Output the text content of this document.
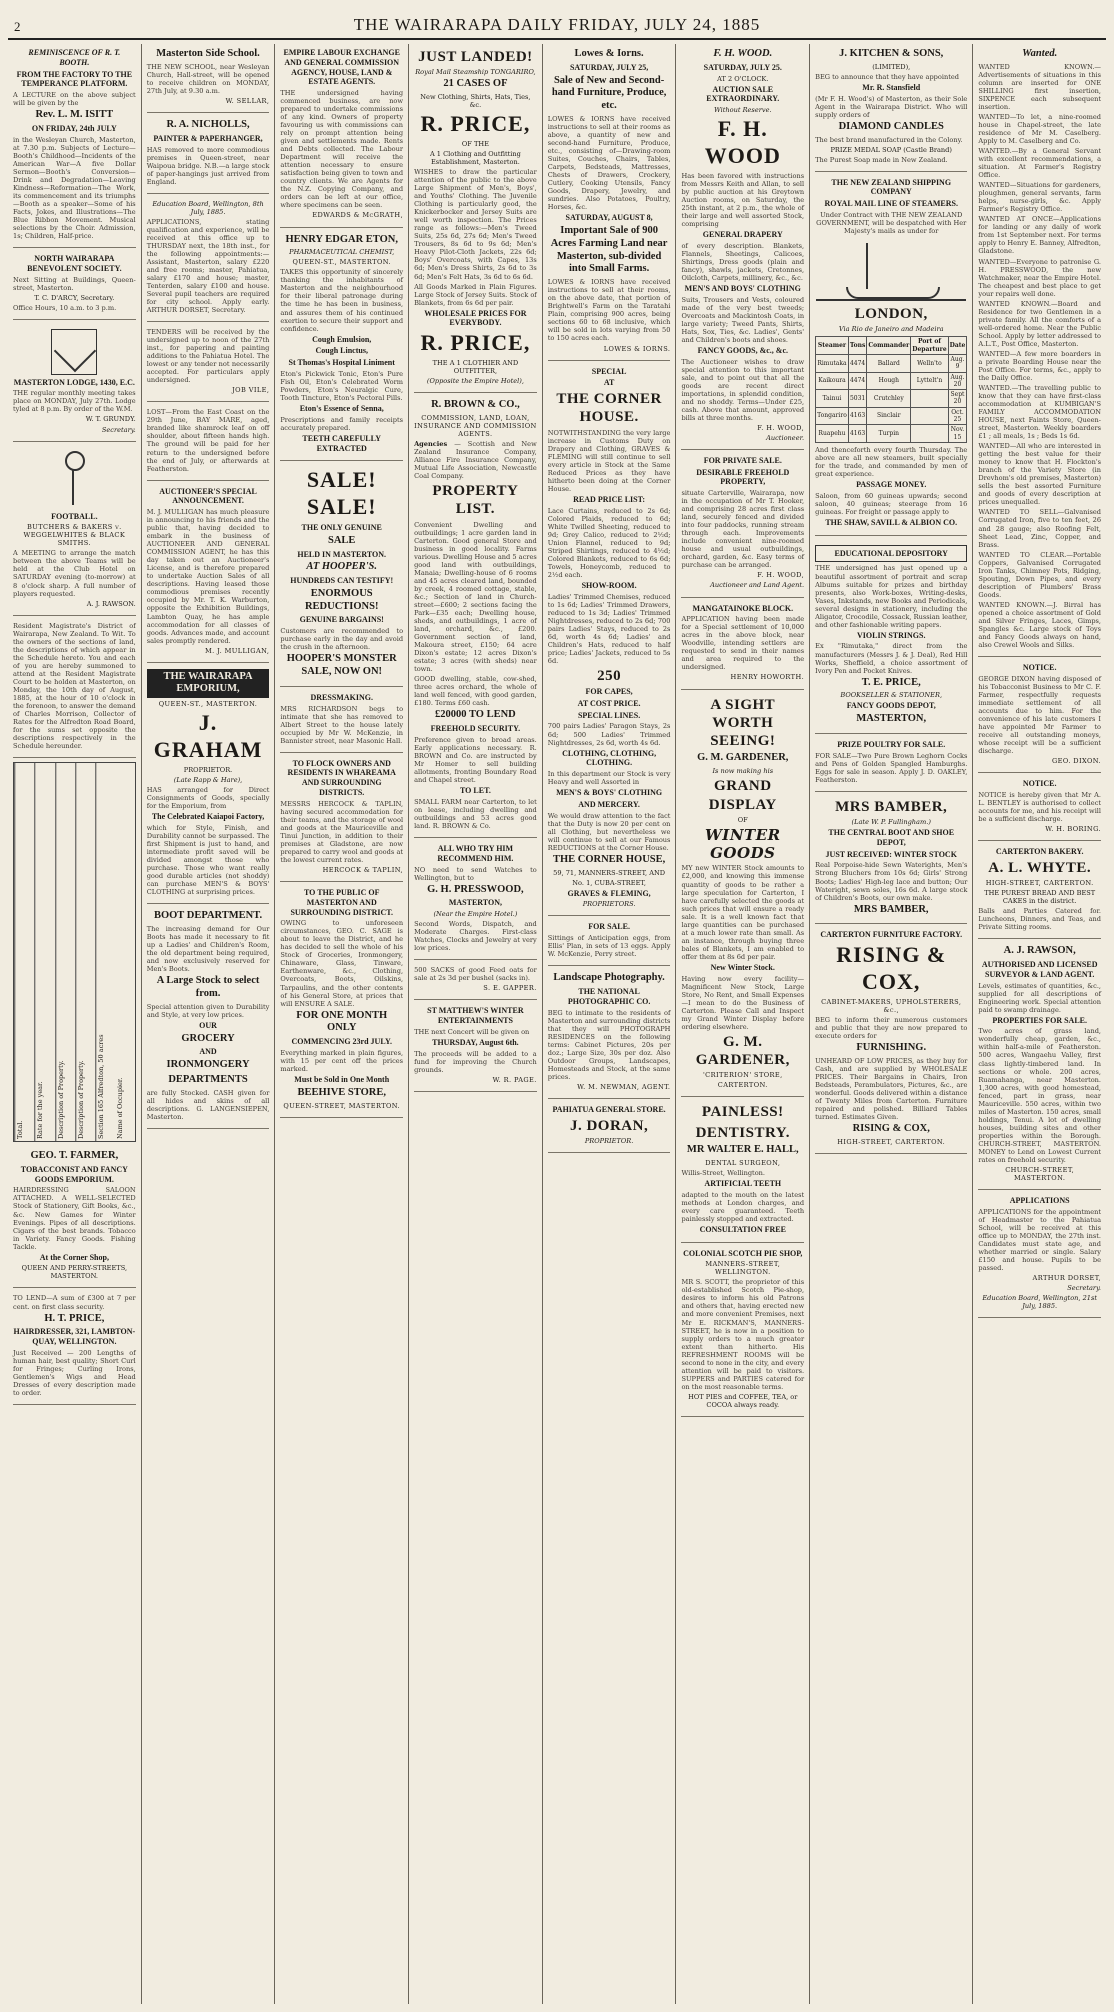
2	THE WAIRARAPA DAILY FRIDAY, JULY 24, 1885

REMINISCENCE OF R. T. BOOTH.

FROM THE FACTORY TO THE TEMPERANCE PLATFORM.

A LECTURE on the above subject will be given by the

Rev. L. M. ISITT

ON FRIDAY, 24th JULY

in the Wesleyan Church, Masterton, at 7.30 p.m. Subjects of Lecture—Booth's Childhood—Incidents of the American War—A five Dollar Sermon—Booth's Conversion—Drink and Degradation—Leaving Kindness—Reformation—The Work, its commencement and its triumphs—Booth as a speaker—Some of his Facts, Jokes, and Illustrations—The Blue Ribbon Movement. Musical selections by the Choir. Admission, 1s; Children, Half-price.

NORTH WAIRARAPA BENEVOLENT SOCIETY.

Next Sitting at Buildings, Queen-street, Masterton.

T. C. D'ARCY, Secretary.

Office Hours, 10 a.m. to 3 p.m.

MASTERTON LODGE, 1430, E.C.

THE regular monthly meeting takes place on MONDAY, July 27th. Lodge tyled at 8 p.m. By order of the W.M.

W. T. GRUNDY.

Secretary.

FOOTBALL.

BUTCHERS & BAKERS v. WEGGELWHITES & BLACK SMITHS.

A MEETING to arrange the match between the above Teams will be held at the Club Hotel on SATURDAY evening (to-morrow) at 8 o'clock sharp. A full number of players requested.

A. J. RAWSON.

Resident Magistrate's District of Wairarapa, New Zealand. To Wit. To the owners of the sections of land, the descriptions of which appear in the Schedule hereto. You and each of you are hereby summoned to attend at the Resident Magistrate Court to be holden at Masterton, on Monday, the 10th day of August, 1885, at the hour of 10 o'clock in the forenoon, to answer the demand of Charles Morrison, Collector of Rates for the Alfredton Road Board, for the sums set opposite the descriptions respectively in the Schedule hereunder.

Total.	Rate for the year.	Description of Property.	Description of Property.	Section 165 Alfredton, 50 acres	Name of Occupier.

GEO. T. FARMER,

TOBACCONIST AND FANCY GOODS EMPORIUM.

HAIRDRESSING SALOON ATTACHED. A WELL-SELECTED Stock of Stationery, Gift Books, &c., &c. New Games for Winter Evenings. Pipes of all descriptions. Cigars of the best brands. Tobacco in Variety. Fancy Goods. Fishing Tackle.

At the Corner Shop,

QUEEN AND PERRY-STREETS, MASTERTON.

TO LEND—A sum of £300 at 7 per cent. on first class security.

H. T. PRICE,

HAIRDRESSER, 321, LAMBTON-QUAY, WELLINGTON.

Just Received — 200 Lengths of human hair, best quality; Short Curl for Fringes; Curling Irons, Gentlemen's Wigs and Head Dresses of every description made to order.

Masterton Side School.

THE NEW SCHOOL, near Wesleyan Church, Hall-street, will be opened to receive children on MONDAY, 27th July, at 9.30 a.m.

W. SELLAR,

R. A. NICHOLLS,

PAINTER & PAPERHANGER,

HAS removed to more commodious premises in Queen-street, near Waipoua bridge. N.B.—a large stock of paper-hangings just arrived from England.

Education Board, Wellington, 8th July, 1885.

APPLICATIONS, stating qualification and experience, will be received at this office up to THURSDAY next, the 18th inst., for the following appointments:—Assistant, Masterton, salary £220 and free rooms; master, Pahiatua, salary £170 and house; master, Tenterden, salary £100 and house. Several pupil teachers are required for city school. Apply early. ARTHUR DORSET, Secretary.

TENDERS will be received by the undersigned up to noon of the 27th inst., for papering and painting additions to the Pahiatua Hotel. The lowest or any tender not necessarily accepted. For particulars apply undersigned.

JOB VILE,

LOST—From the East Coast on the 29th June, BAY MARE, aged, branded like shamrock leaf on off shoulder, about fifteen hands high. The ground will be paid for her return to the undersigned before the end of July, or afterwards at Featherston.

AUCTIONEER'S SPECIAL ANNOUNCEMENT.

M. J. MULLIGAN has much pleasure in announcing to his friends and the public that, having decided to embark in the business of AUCTIONEER AND GENERAL COMMISSION AGENT, he has this day taken out an Auctioneer's License, and is therefore prepared to undertake Auction Sales of all descriptions. Having leased those commodious premises recently occupied by Mr. T. K. Warburton, opposite the Exhibition Buildings, Lambton Quay, he has ample accommodation for all classes of goods. Advances made, and account sales promptly rendered.

M. J. MULLIGAN,

THE WAIRARAPA EMPORIUM,

QUEEN-ST., MASTERTON.

J. GRAHAM

PROPRIETOR.

(Late Rapp & Hare),

HAS arranged for Direct Consignments of Goods, specially for the Emporium, from

The Celebrated Kaiapoi Factory,

which for Style, Finish, and Durability cannot be surpassed. The first Shipment is just to hand, and intermediate profit saved will be divided amongst those who purchase. Those who want really good durable articles (not shoddy) can purchase MEN'S & BOYS' CLOTHING at surprising prices.

BOOT DEPARTMENT.

The increasing demand for Our Boots has made it necessary to fit up a Ladies' and Children's Room, the old department being required, and now exclusively reserved for Men's Boots.

A Large Stock to select from.

Special attention given to Durability and Style, at very low prices.

OUR

GROCERY

AND

IRONMONGERY

DEPARTMENTS

are fully Stocked. CASH given for all hides and skins of all descriptions. G. LANGENSIEPEN, Masterton.

EMPIRE LABOUR EXCHANGE AND GENERAL COMMISSION AGENCY, HOUSE, LAND & ESTATE AGENTS.

THE undersigned having commenced business, are now prepared to undertake commissions of any kind. Owners of property favouring us with commissions can rely on prompt attention being given and settlements made. Rents and Debts collected. The Labour Department will receive the attention necessary to ensure satisfaction being given to town and country clients. We are Agents for the N.Z. Copying Company, and orders can be left at our office, where specimens can be seen.

EDWARDS & McGRATH,

HENRY EDGAR ETON,

PHARMACEUTICAL CHEMIST,

QUEEN-ST., MASTERTON.

TAKES this opportunity of sincerely thanking the inhabitants of Masterton and the neighbourhood for their liberal patronage during the time he has been in business, and assures them of his continued exertion to secure their support and confidence.

Cough Emulsion,

Cough Linctus,

St Thomas's Hospital Liniment

Eton's Pickwick Tonic, Eton's Pure Fish Oil, Eton's Celebrated Worm Powders, Eton's Neuralgic Cure, Tooth Tincture, Eton's Pectoral Pills.

Eton's Essence of Senna,

Prescriptions and family receipts accurately prepared.

TEETH CAREFULLY EXTRACTED

SALE! SALE!

THE ONLY GENUINE

SALE

HELD IN MASTERTON.

AT HOOPER'S.

HUNDREDS CAN TESTIFY!

ENORMOUS REDUCTIONS!

GENUINE BARGAINS!

Customers are recommended to purchase early in the day and avoid the crush in the afternoon.

HOOPER'S MONSTER SALE, NOW ON!

DRESSMAKING.

MRS RICHARDSON begs to intimate that she has removed to Albert Street to the house lately occupied by Mr W. McKenzie, in Bannister street, near Masonic Hall.

TO FLOCK OWNERS AND RESIDENTS IN WHAREAMA AND SURROUNDING DISTRICTS.

MESSRS HERCOCK & TAPLIN, having secured accommodation for their teams, and the storage of wool and goods at the Mauriceville and Tinui Junction, in addition to their premises at Gladstone, are now prepared to carry wool and goods at the lowest current rates.

HERCOCK & TAPLIN,

TO THE PUBLIC OF MASTERTON AND SURROUNDING DISTRICT.

OWING to unforeseen circumstances, GEO. C. SAGE is about to leave the District, and he has decided to sell the whole of his Stock of Groceries, Ironmongery, Chinaware, Glass, Tinware, Earthenware, &c., Clothing, Overcoats, Boots, Oilskins, Tarpaulins, and the other contents of his General Store, at prices that will ENSURE A SALE.

FOR ONE MONTH ONLY

COMMENCING 23rd JULY.

Everything marked in plain figures, with 15 per cent off the prices marked.

Must be Sold in One Month

BEEHIVE STORE,

QUEEN-STREET, MASTERTON.

JUST LANDED!

Royal Mail Steamship TONGARIRO,

21 CASES OF

New Clothing, Shirts, Hats, Ties, &c.

R. PRICE,

OF THE

A 1 Clothing and Outfitting Establishment, Masterton.

WISHES to draw the particular attention of the public to the above Large Shipment of Men's, Boys', and Youths' Clothing. The Juvenile Clothing is particularly good, the Knickerbocker and Jersey Suits are well worth inspection. The Prices range as follows:—Men's Tweed Suits, 25s 6d, 27s 6d; Men's Tweed Trousers, 8s 6d to 9s 6d; Men's Heavy Pilot-Cloth Jackets, 22s 6d; Boys' Overcoats, with Capes, 13s 6d; Men's Dress Shirts, 2s 6d to 3s 6d; Men's Felt Hats, 3s 6d to 6s 6d.

All Goods Marked in Plain Figures. Large Stock of Jersey Suits. Stock of Blankets, from 6s 6d per pair.

WHOLESALE PRICES FOR EVERYBODY.

R. PRICE,

THE A 1 CLOTHIER AND OUTFITTER,

(Opposite the Empire Hotel),

R. BROWN & CO.,

COMMISSION, LAND, LOAN, INSURANCE AND COMMISSION AGENTS.

Agencies — Scottish and New Zealand Insurance Company, Alliance Fire Insurance Company, Mutual Life Association, Newcastle Coal Company.

PROPERTY LIST.

Convenient Dwelling and outbuildings; 1 acre garden land in Carterton. Good general Store and business in good locality. Farms various. Dwelling House and 5 acres good land with outbuildings, Manaia; Dwelling-house of 6 rooms and 45 acres cleared land, bounded by creek, 4 roomed cottage, stable, &c.; Section of land in Church-street—£600; 2 sections facing the Park—£35 each; Dwelling house, sheds, and outbuildings, 1 acre of land, orchard, &c., £200. Government section of land, Makoura street, £150; 64 acre Dixon's estate; 12 acres Dixon's estate; 3 acres (with sheds) near town.

GOOD dwelling, stable, cow-shed, three acres orchard, the whole of land well fenced, with good garden, £180. Terms £60 cash.

£20000 TO LEND

FREEHOLD SECURITY.

Preference given to broad areas. Early applications necessary. R. BROWN and Co. are instructed by Mr Homer to sell building allotments, fronting Boundary Road and Chapel street.

TO LET.

SMALL FARM near Carterton, to let on lease, including dwelling and outbuildings and 53 acres good land. R. BROWN & Co.

ALL WHO TRY HIM RECOMMEND HIM.

NO need to send Watches to Wellington, but to

G. H. PRESSWOOD,

MASTERTON,

(Near the Empire Hotel.)

Second Words, Dispatch, and Moderate Charges. First-class Watches, Clocks and Jewelry at very low prices.

500 SACKS of good Feed oats for sale at 2s 3d per bushel (sacks in).

S. E. GAPPER.

ST MATTHEW'S WINTER ENTERTAINMENTS

THE next Concert will be given on

THURSDAY, August 6th.

The proceeds will be added to a fund for improving the Church grounds.

W. R. PAGE.

Lowes & Iorns.

SATURDAY, JULY 25,

Sale of New and Second-hand Furniture, Produce, etc.

LOWES & IORNS have received instructions to sell at their rooms as above, a quantity of new and second-hand Furniture, Produce, etc., consisting of—Drawing-room Suites, Couches, Chairs, Tables, Carpets, Bedsteads, Mattresses, Chests of Drawers, Crockery, Cutlery, Cooking Utensils, Fancy Goods, Drapery, Jewelry, and sundries. Also Potatoes, Poultry, Horses, &c.

SATURDAY, AUGUST 8,

Important Sale of 900 Acres Farming Land near Masterton, sub-divided into Small Farms.

LOWES & IORNS have received instructions to sell at their rooms, on the above date, that portion of Brightwell's Farm on the Taratahi Plain, comprising 900 acres, being sections 60 to 68 inclusive, which will be sold in lots varying from 50 to 150 acres each.

LOWES & IORNS.

SPECIAL

AT

THE CORNER HOUSE.

NOTWITHSTANDING the very large increase in Customs Duty on Drapery and Clothing, GRAVES & FLEMING will still continue to sell every article in Stock at the Same Reduced Prices as they have hitherto been doing at the Corner House.

READ PRICE LIST:

Lace Curtains, reduced to 2s 6d; Colored Plaids, reduced to 6d; White Twilled Sheeting, reduced to 9d; Grey Calico, reduced to 2½d; Union Flannel, reduced to 9d; Striped Shirtings, reduced to 4½d; Colored Blankets, reduced to 6s 6d; Towels, Honeycomb, reduced to 2½d each.

SHOW-ROOM.

Ladies' Trimmed Chemises, reduced to 1s 6d; Ladies' Trimmed Drawers, reduced to 1s 3d; Ladies' Trimmed Nightdresses, reduced to 2s 6d; 700 pairs Ladies' Stays, reduced to 2s 6d, worth 4s 6d; Ladies' and Children's Hats, reduced to half price; Ladies' Jackets, reduced to 5s 6d.

250

FOR CAPES,

AT COST PRICE.

SPECIAL LINES.

700 pairs Ladies' Paragon Stays, 2s 6d; 500 Ladies' Trimmed Nightdresses, 2s 6d, worth 4s 6d.

CLOTHING, CLOTHING, CLOTHING.

In this department our Stock is very Heavy and well Assorted in

MEN'S & BOYS' CLOTHING

AND MERCERY.

We would draw attention to the fact that the Duty is now 20 per cent on all Clothing, but nevertheless we will continue to sell at our Famous REDUCTIONS at the Corner House.

THE CORNER HOUSE,

59, 71, MANNERS-STREET, AND

No. 1, CUBA-STREET,

GRAVES & FLEMING,

PROPRIETORS.

FOR SALE.

Sittings of Anticipation eggs, from Ellis' Plan, in sets of 13 eggs. Apply W. McKenzie, Perry street.

Landscape Photography.

THE NATIONAL PHOTOGRAPHIC CO.

BEG to intimate to the residents of Masterton and surrounding districts that they will PHOTOGRAPH RESIDENCES on the following terms: Cabinet Pictures, 20s per doz.; Large Size, 30s per doz. Also Outdoor Groups, Landscapes, Homesteads and Stock, at the same prices.

W. M. NEWMAN, AGENT.

PAHIATUA GENERAL STORE.

J. DORAN,

PROPRIETOR.

F. H. WOOD.

SATURDAY, JULY 25.

AT 2 O'CLOCK.

AUCTION SALE EXTRAORDINARY.

Without Reserve.

F. H. WOOD

Has been favored with instructions from Messrs Keith and Allan, to sell by public auction at his Greytown Auction rooms, on Saturday, the 25th instant, at 2 p.m., the whole of their large and well assorted Stock, comprising

GENERAL DRAPERY

of every description. Blankets, Flannels, Sheetings, Calicoes, Shirtings, Dress goods (plain and fancy), shawls, jackets, Cretonnes, Oilcloth, Carpets, millinery, &c., &c.

MEN'S AND BOYS' CLOTHING

Suits, Trousers and Vests, coloured made of the very best tweeds; Overcoats and Mackintosh Coats, in large variety; Tweed Pants, Shirts, Hats, Sox, Ties, &c. Ladies', Gents' and Children's boots and shoes.

FANCY GOODS, &c., &c.

The Auctioneer wishes to draw special attention to this important sale, and to point out that all the goods are recent direct importations, in splendid condition, and no shoddy. Terms—Under £25, cash. Above that amount, approved bills at three months.

F. H. WOOD,

Auctioneer.

FOR PRIVATE SALE.

DESIRABLE FREEHOLD PROPERTY,

situate Carterville, Wairarapa, now in the occupation of Mr T. Hooker, and comprising 28 acres first class land, securely fenced and divided into four paddocks, running stream through each. Improvements include convenient nine-roomed house and usual outbuildings, orchard, garden, &c. Easy terms of purchase can be arranged.

F. H. WOOD,

Auctioneer and Land Agent.

MANGATAINOKE BLOCK.

APPLICATION having been made for a Special settlement of 10,000 acres in the above block, near Woodville, intending settlers are requested to send in their names and area required to the undersigned.

HENRY HOWORTH.

A SIGHT WORTH SEEING!

G. M. GARDENER,

Is now making his

GRAND DISPLAY

OF

WINTER GOODS

MY new WINTER Stock amounts to £2,000, and knowing this immense quantity of goods to be rather a large speculation for Carterton, I have carefully selected the goods at such prices that will ensure a ready sale. It is a well known fact that large quantities can be purchased at a much lower rate than small. As an instance, through buying three bales of Blankets, I am enabled to offer them at 8s 6d per pair.

New Winter Stock.

Having now every facility—Magnificent New Stock, Large Store, No Rent, and Small Expenses—I mean to do the Business of Carterton. Please Call and Inspect my Grand Winter Display before ordering elsewhere.

G. M. GARDENER,

'CRITERION' STORE,

CARTERTON.

PAINLESS!

DENTISTRY.

MR WALTER E. HALL,

DENTAL SURGEON,

Willis-Street, Wellington.

ARTIFICIAL TEETH

adapted to the mouth on the latest methods at London charges, and every care guaranteed. Teeth painlessly stopped and extracted.

CONSULTATION FREE

COLONIAL SCOTCH PIE SHOP,

MANNERS-STREET, WELLINGTON.

MR S. SCOTT, the proprietor of this old-established Scotch Pie-shop, desires to inform his old Patrons and others that, having erected new and more convenient Premises, next Mr E. RICKMAN'S, MANNERS-STREET, he is now in a position to supply orders to a much greater extent than hitherto. His REFRESHMENT ROOMS will be second to none in the city, and every attention will be paid to visitors. SUPPERS and PARTIES catered for on the most reasonable terms.

HOT PIES and COFFEE, TEA, or COCOA always ready.

J. KITCHEN & SONS,

(LIMITED),

BEG to announce that they have appointed

Mr. R. Stansfield

(Mr F. H. Wood's) of Masterton, as their Sole Agent in the Wairarapa District. Who will supply orders of

DIAMOND CANDLES

The best brand manufactured in the Colony.

PRIZE MEDAL SOAP (Castle Brand)

The Purest Soap made in New Zealand.

THE NEW ZEALAND SHIPPING COMPANY

ROYAL MAIL LINE OF STEAMERS.

Under Contract with THE NEW ZEALAND GOVERNMENT, will be despatched with Her Majesty's mails as under for

LONDON,

Via Rio de Janeiro and Madeira

Steamer	Tons	Commander	Port of Departure	Date
Rimutaka	4474	Ballard	Welln'to	Aug. 9
Kaikoura	4474	Hough	Lyttelt'n	Aug. 20
Tainui	5031	Crutchley		Sept 20
Tongariro	4163	Sinclair		Oct. 25
Ruapehu	4163	Turpin		Nov. 15

And thenceforth every fourth Thursday. The above are all new steamers, built specially for the trade, and commanded by men of great experience.

PASSAGE MONEY.

Saloon, from 60 guineas upwards; second saloon, 40 guineas; steerage from 16 guineas. For freight or passage apply to

THE SHAW, SAVILL & ALBION CO.

EDUCATIONAL DEPOSITORY

THE undersigned has just opened up a beautiful assortment of portrait and scrap Albums suitable for prizes and birthday presents, also Work-boxes, Writing-desks, Vases, Inkstands, new Books and Periodicals, several designs in stationery, including the Aligator, Crocodile, Cossack, Russian leather, and other fashionable writing papers.

VIOLIN STRINGS.

Ex "Rimutaka," direct from the manufacturers (Messrs J. & J. Deal), Red Hill Works, Sheffield, a choice assortment of Ivory Pen and Pocket Knives.

T. E. PRICE,

BOOKSELLER & STATIONER,

FANCY GOODS DEPOT,

MASTERTON,

PRIZE POULTRY FOR SALE.

FOR SALE—Two Pure Brown Leghorn Cocks and Pens of Golden Spangled Hamburghs. Eggs for sale in season. Apply J. D. OAKLEY, Featherston.

MRS BAMBER,

(Late W. P. Fullingham.)

THE CENTRAL BOOT AND SHOE DEPOT,

JUST RECEIVED: WINTER STOCK

Real Porpoise-hide Sewn Waterights, Men's Strong Bluchers from 10s 6d; Girls' Strong Boots; Ladies' High-leg lace and button; Our Wateright, sewn soles, 16s 6d. A large stock of Children's Boots, our own make.

MRS BAMBER,

CARTERTON FURNITURE FACTORY.

RISING & COX,

CABINET-MAKERS, UPHOLSTERERS, &c.,

BEG to inform their numerous customers and public that they are now prepared to execute orders for

FURNISHING.

UNHEARD OF LOW PRICES, as they buy for Cash, and are supplied by WHOLESALE PRICES. Their Bargains in Chairs, Iron Bedsteads, Perambulators, Pictures, &c., are wonderful. Goods delivered within a distance of Twenty Miles from Carterton. Furniture repaired and polished. Billiard Tables turned. Estimates Given.

RISING & COX,

HIGH-STREET, CARTERTON.

Wanted.

WANTED KNOWN.—Advertisements of situations in this column are inserted for ONE SHILLING first insertion, SIXPENCE each subsequent insertion.

WANTED—To let, a nine-roomed house in Chapel-street, the late residence of Mr M. Caselberg. Apply to M. Caselberg and Co.

WANTED.—By a General Servant with excellent recommendations, a situation. At Farmer's Registry Office.

WANTED—Situations for gardeners, ploughmen, general servants, farm helps, nurse-girls, &c. Apply Farmer's Registry Office.

WANTED AT ONCE—Applications for landing or any daily of work from 1st September next. For terms apply to Henry E. Banney, Alfredton, Gladstone.

WANTED—Everyone to patronise G. H. PRESSWOOD, the new Watchmaker, near the Empire Hotel. The cheapest and best place to get your repairs well done.

WANTED KNOWN.—Board and Residence for two Gentlemen in a private family. All the comforts of a well-ordered home. Near the Public School. Apply by letter addressed to A.L.T., Post Office, Masterton.

WANTED—A few more boarders in a private Boarding House near the Post Office. For terms, &c., apply to the Daily Office.

WANTED.—The travelling public to know that they can have first-class accommodation at KUMBIGAN'S FAMILY ACCOMMODATION HOUSE, next Faints Store, Queen-street, Masterton. Weekly boarders £1 ; all meals, 1s ; Beds 1s 6d.

WANTED—All who are interested in getting the best value for their money to know that H. Flockton's branch of the Variety Store (in Drevhom's old premises, Masterton) sells the best assorted Furniture and goods of every description at prices unequalled.

WANTED TO SELL—Galvanised Corrugated Iron, five to ten feet, 26 and 28 gauge; also Roofing Felt, Sheet Lead, Zinc, Copper, and Brass.

WANTED TO CLEAR.—Portable Coppers, Galvanised Corrugated Iron Tanks, Chimney Pots, Ridging, Spouting, Down Pipes, and every description of Plumbers' Brass Goods.

WANTED KNOWN.—J. Birral has opened a choice assortment of Gold and Silver Fringes, Laces, Gimps, Spangles &c. Large stock of Toys and Fancy Goods always on hand, also Crewel Wools and Silks.

NOTICE.

GEORGE DIXON having disposed of his Tobacconist Business to Mr C. F. Farmer, respectfully requests immediate settlement of all accounts due to him. For the convenience of his late customers I have appointed Mr Farmer to receive all outstanding moneys, whose receipt will be a sufficient discharge.

GEO. DIXON.

NOTICE.

NOTICE is hereby given that Mr A. L. BENTLEY is authorised to collect accounts for me, and his receipt will be a sufficient discharge.

W. H. BORING.

CARTERTON BAKERY.

A. L. WHYTE.

HIGH-STREET, CARTERTON.

THE PUREST BREAD AND BEST CAKES in the district.

Balls and Parties Catered for. Luncheons, Dinners, and Teas, and Private Sitting rooms.

A. J. RAWSON,

AUTHORISED AND LICENSED SURVEYOR & LAND AGENT.

Levels, estimates of quantities, &c., supplied for all descriptions of Engineering work. Special attention paid to swamp drainage.

PROPERTIES FOR SALE.

Two acres of grass land, wonderfully cheap, garden, &c., within half-a-mile of Featherston. 500 acres, Wangaehu Valley, first class lightly-timbered land. In sections or whole. 200 acres, Ruamahanga, near Masterton. 1,300 acres, with good homestead, fenced, part in grass, near Mauriceville. 550 acres, within two miles of Masterton. 150 acres, small holdings, Tenui. A lot of dwelling houses, building sites and other properties within the Borough. CHURCH-STREET, MASTERTON. MONEY to Lend on Lowest Current rates on freehold security.

CHURCH-STREET, MASTERTON.

APPLICATIONS

APPLICATIONS for the appointment of Headmaster to the Pahiatua School, will be received at this office up to MONDAY, the 27th inst. Candidates must state age, and whether married or single. Salary £150 and house. Pupils to be passed.

ARTHUR DORSET,

Secretary.

Education Board, Wellington, 21st July, 1885.
